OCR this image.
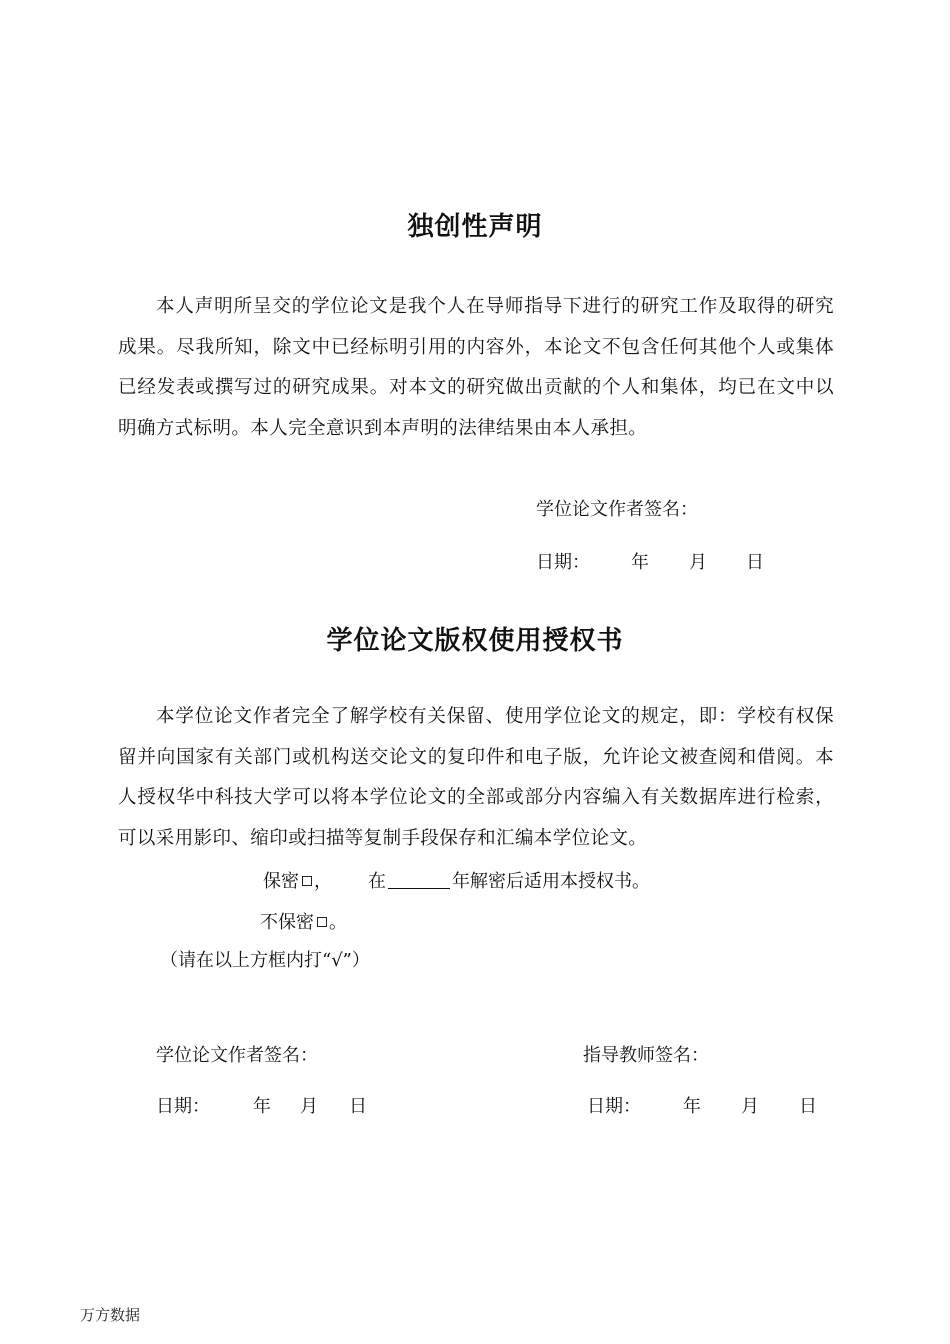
独创性声明
本人声明所呈交的学位论文是我个人在导师指导下进行的研究工作及取得的研究成果。尽我所知，除文中已经标明引用的内容外，本论文不包含任何其他个人或集体已经发表或撰写过的研究成果。对本文的研究做出贡献的个人和集体，均已在文中以明确方式标明。本人完全意识到本声明的法律结果由本人承担。
学位论文作者签名：
日期： 年 月 日
学位论文版权使用授权书
本学位论文作者完全了解学校有关保留、使用学位论文的规定，即：学校有权保留并向国家有关部门或机构送交论文的复印件和电子版，允许论文被查阅和借阅。本人授权华中科技大学可以将本学位论文的全部或部分内容编入有关数据库进行检索，可以采用影印、缩印或扫描等复制手段保存和汇编本学位论文。
保密 ， 在	年解密后适用本授权书。
不保密 。
（请在以上方框内打“√”）
学位论文作者签名：	指导教师签名：
日期： 年 月 日	日期： 年 月 日
万方数据
